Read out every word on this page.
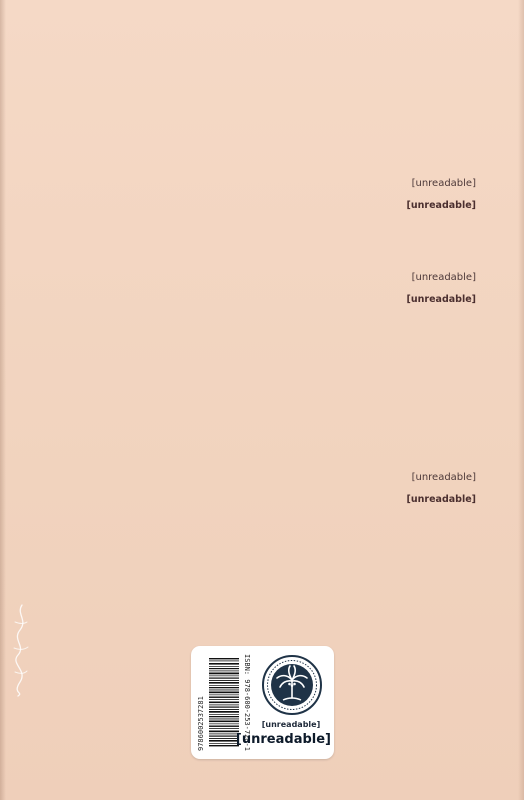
[unreadable]
[unreadable]
[unreadable]
[unreadable]
[unreadable]
[unreadable]
ISBN: 978-600-253-728-1
9786002537281	[unreadable]
[unreadable]
